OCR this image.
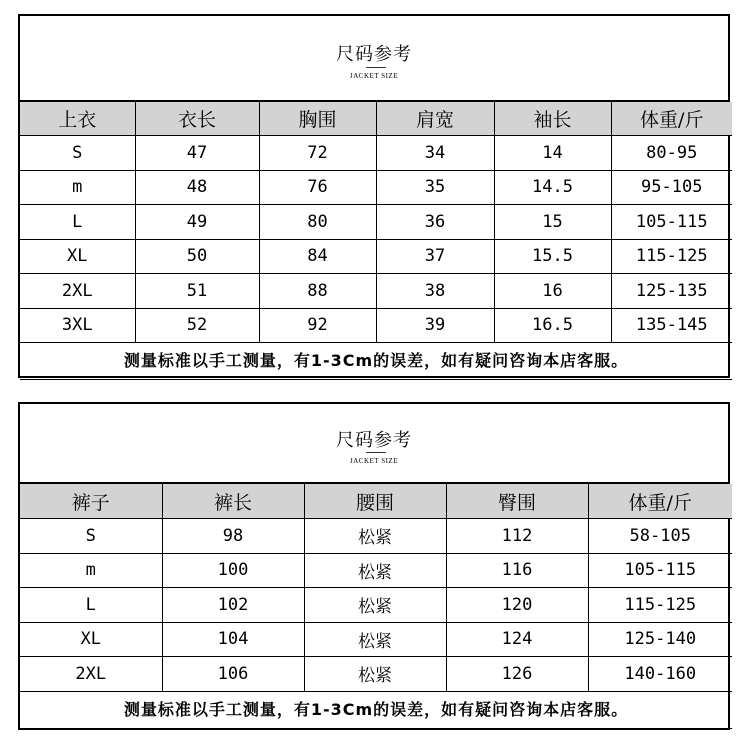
尺码参考
JACKET SIZE
上衣	衣长	胸围	肩宽	袖长	体重/斤
S	47	72	34	14	80-95
m	48	76	35	14.5	95-105
L	49	80	36	15	105-115
XL	50	84	37	15.5	115-125
2XL	51	88	38	16	125-135
3XL	52	92	39	16.5	135-145
测量标准以手工测量，有1-3Cm的误差，如有疑问咨询本店客服。					
尺码参考
JACKET SIZE
裤子	裤长	腰围	臀围	体重/斤
S	98	松紧	112	58-105
m	100	松紧	116	105-115
L	102	松紧	120	115-125
XL	104	松紧	124	125-140
2XL	106	松紧	126	140-160
测量标准以手工测量，有1-3Cm的误差，如有疑问咨询本店客服。				
